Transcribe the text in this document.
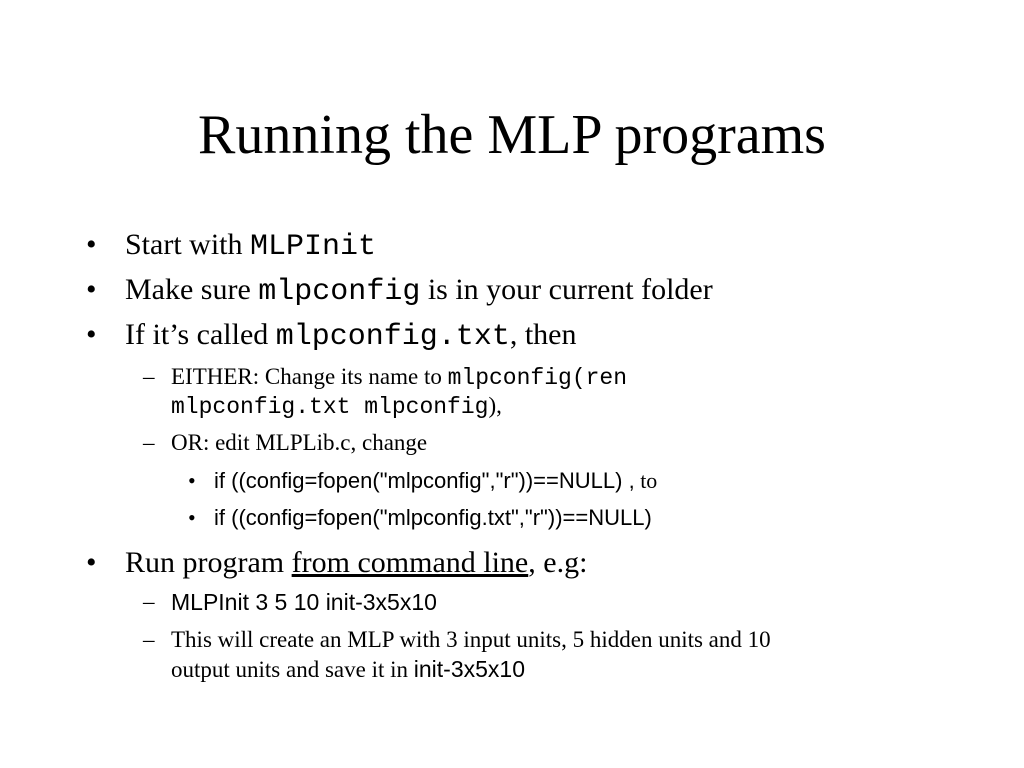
Running the MLP programs
• Start with MLPInit
• Make sure mlpconfig is in your current folder
• If it’s called mlpconfig.txt, then
– EITHER: Change its name to mlpconfig(ren
mlpconfig.txt mlpconfig),
– OR: edit MLPLib.c, change
• if ((config=fopen("mlpconfig","r"))==NULL) , to
• if ((config=fopen("mlpconfig.txt","r"))==NULL)
• Run program from command line, e.g:
– MLPInit 3 5 10 init-3x5x10
– This will create an MLP with 3 input units, 5 hidden units and 10
output units and save it in init-3x5x10
